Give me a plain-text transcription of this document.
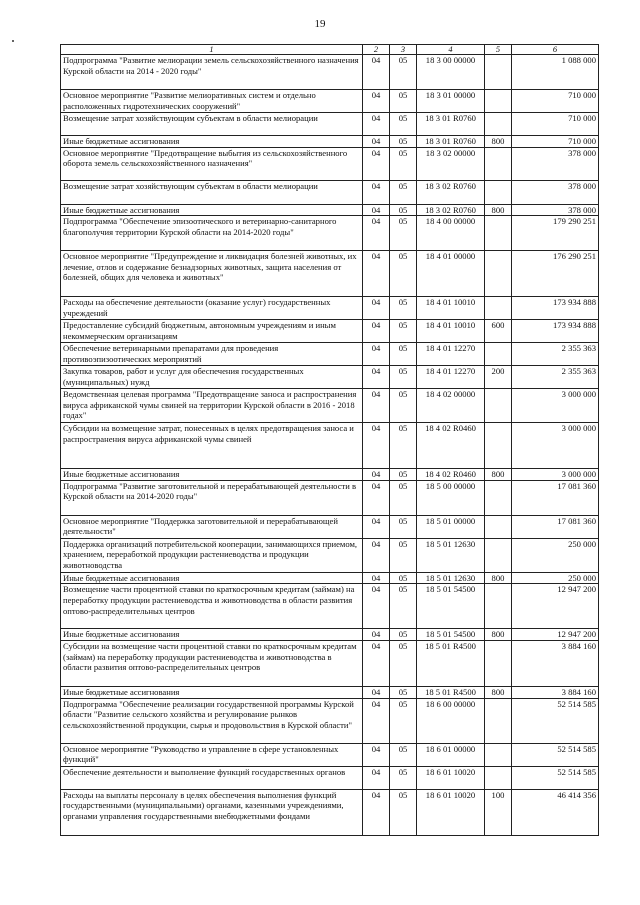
19
1	2	3	4	5	6
Подпрограмма "Развитие мелиорации земель сельскохозяйственного назначения Курской области на 2014 - 2020 годы"	04	05	18 3 00 00000		1 088 000
Основное мероприятие "Развитие мелиоративных систем и отдельно расположенных гидротехнических сооружений"	04	05	18 3 01 00000		710 000
Возмещение затрат хозяйствующим субъектам в области мелиорации	04	05	18 3 01 R0760		710 000
Иные бюджетные ассигнования	04	05	18 3 01 R0760	800	710 000
Основное мероприятие "Предотвращение выбытия из сельскохозяйственного оборота земель сельскохозяйственного назначения"	04	05	18 3 02 00000		378 000
Возмещение затрат хозяйствующим субъектам в области мелиорации	04	05	18 3 02 R0760		378 000
Иные бюджетные ассигнования	04	05	18 3 02 R0760	800	378 000
Подпрограмма "Обеспечение эпизоотического и ветеринарно-санитарного благополучия территории Курской области на 2014-2020 годы"	04	05	18 4 00 00000		179 290 251
Основное мероприятие "Предупреждение и ликвидация болезней животных, их лечение, отлов и содержание безнадзорных животных, защита населения от болезней, общих для человека и животных"	04	05	18 4 01 00000		176 290 251
Расходы на обеспечение деятельности (оказание услуг) государственных учреждений	04	05	18 4 01 10010		173 934 888
Предоставление субсидий бюджетным, автономным учреждениям и иным некоммерческим организациям	04	05	18 4 01 10010	600	173 934 888
Обеспечение ветеринарными препаратами для проведения противоэпизоотических мероприятий	04	05	18 4 01 12270		2 355 363
Закупка товаров, работ и услуг для обеспечения государственных (муниципальных) нужд	04	05	18 4 01 12270	200	2 355 363
Ведомственная целевая программа "Предотвращение заноса и распространения вируса африканской чумы свиней на территории Курской области в 2016 - 2018 годах"	04	05	18 4 02 00000		3 000 000
Субсидии на возмещение затрат, понесенных в целях предотвращения заноса и распространения вируса африканской чумы свиней	04	05	18 4 02 R0460		3 000 000
Иные бюджетные ассигнования	04	05	18 4 02 R0460	800	3 000 000
Подпрограмма "Развитие заготовительной и перерабатывающей деятельности в Курской области на 2014-2020 годы"	04	05	18 5 00 00000		17 081 360
Основное мероприятие "Поддержка заготовительной и перерабатывающей деятельности"	04	05	18 5 01 00000		17 081 360
Поддержка организаций потребительской кооперации, занимающихся приемом, хранением, переработкой продукции растениеводства и продукции животноводства	04	05	18 5 01 12630		250 000
Иные бюджетные ассигнования	04	05	18 5 01 12630	800	250 000
Возмещение части процентной ставки по краткосрочным кредитам (займам) на переработку продукции растениеводства и животноводства в области развития оптово-распределительных центров	04	05	18 5 01 54500		12 947 200
Иные бюджетные ассигнования	04	05	18 5 01 54500	800	12 947 200
Субсидии на возмещение части процентной ставки по краткосрочным кредитам (займам) на переработку продукции растениеводства и животноводства в области развития оптово-распределительных центров	04	05	18 5 01 R4500		3 884 160
Иные бюджетные ассигнования	04	05	18 5 01 R4500	800	3 884 160
Подпрограмма "Обеспечение реализации государственной программы Курской области "Развитие сельского хозяйства и регулирование рынков сельскохозяйственной продукции, сырья и продовольствия в Курской области"	04	05	18 6 00 00000		52 514 585
Основное мероприятие "Руководство и управление в сфере установленных функций"	04	05	18 6 01 00000		52 514 585
Обеспечение деятельности и выполнение функций государственных органов	04	05	18 6 01 10020		52 514 585
Расходы на выплаты персоналу в целях обеспечения выполнения функций государственными (муниципальными) органами, казенными учреждениями, органами управления государственными внебюджетными фондами	04	05	18 6 01 10020	100	46 414 356
